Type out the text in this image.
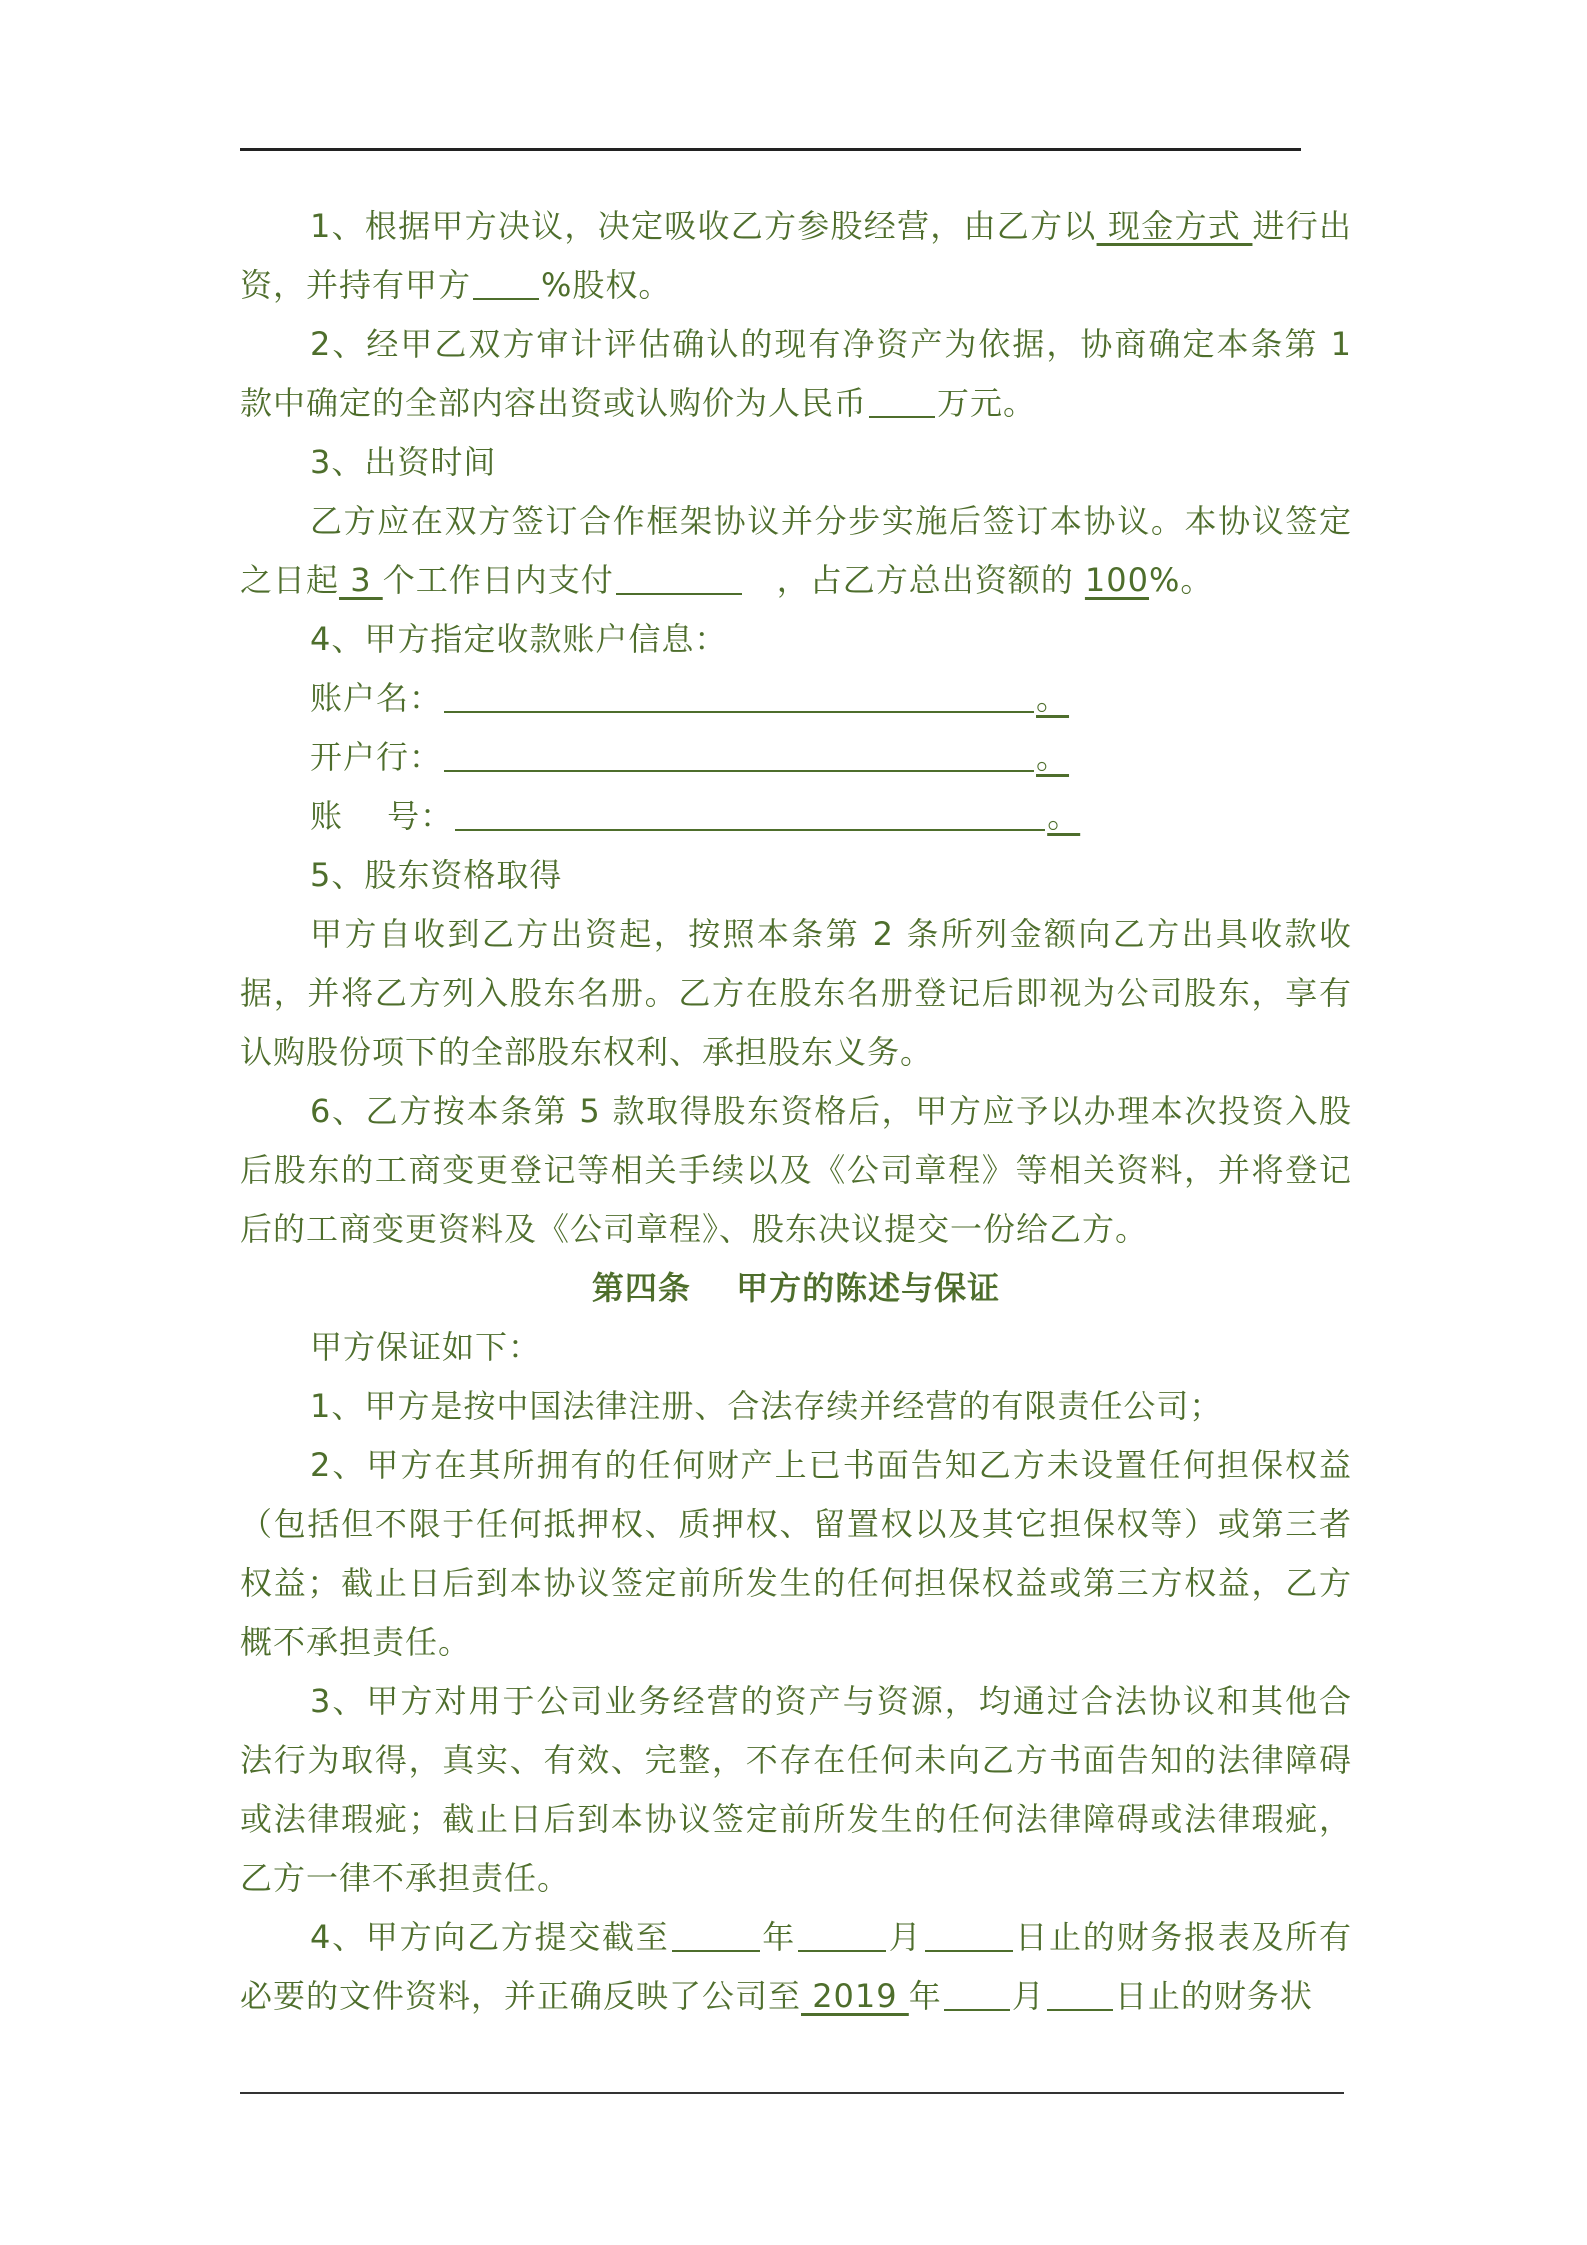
1、根据甲方决议，决定吸收乙方参股经营，由乙方以 现金方式 进行出资，并持有甲方 %股权。

2、经甲乙双方审计评估确认的现有净资产为依据，协商确定本条第 1 款中确定的全部内容出资或认购价为人民币 万元。

3、出资时间

乙方应在双方签订合作框架协议并分步实施后签订本协议。本协议签定之日起 3 个工作日内支付	　，占乙方总出资额的 100%。

4、甲方指定收款账户信息：

账户名：	。

开户行：	。

账　 号：	。

5、股东资格取得

甲方自收到乙方出资起，按照本条第 2 条所列金额向乙方出具收款收据，并将乙方列入股东名册。乙方在股东名册登记后即视为公司股东，享有认购股份项下的全部股东权利、承担股东义务。

6、乙方按本条第 5 款取得股东资格后，甲方应予以办理本次投资入股后股东的工商变更登记等相关手续以及《公司章程》等相关资料，并将登记后的工商变更资料及《公司章程》、股东决议提交一份给乙方。

第四条　 甲方的陈述与保证

甲方保证如下：

1、甲方是按中国法律注册、合法存续并经营的有限责任公司；

2、甲方在其所拥有的任何财产上已书面告知乙方未设置任何担保权益（包括但不限于任何抵押权、质押权、留置权以及其它担保权等）或第三者权益；截止日后到本协议签定前所发生的任何担保权益或第三方权益，乙方概不承担责任。

3、甲方对用于公司业务经营的资产与资源，均通过合法协议和其他合法行为取得，真实、有效、完整，不存在任何未向乙方书面告知的法律障碍或法律瑕疵；截止日后到本协议签定前所发生的任何法律障碍或法律瑕疵，乙方一律不承担责任。

4、甲方向乙方提交截至	年	月	日止的财务报表及所有必要的文件资料，并正确反映了公司至 2019 年 月 日止的财务状
